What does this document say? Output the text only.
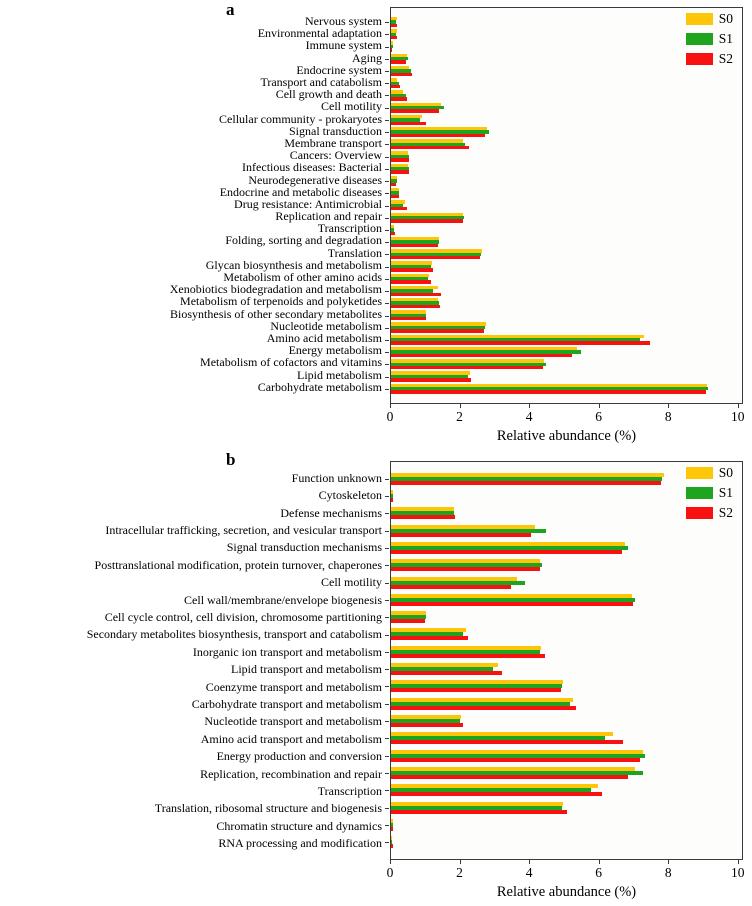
a
Nervous system
Environmental adaptation
Immune system
Aging
Endocrine system
Transport and catabolism
Cell growth and death
Cell motility
Cellular community - prokaryotes
Signal transduction
Membrane transport
Cancers: Overview
Infectious diseases: Bacterial
Neurodegenerative diseases
Endocrine and metabolic diseases
Drug resistance: Antimicrobial
Replication and repair
Transcription
Folding, sorting and degradation
Translation
Glycan biosynthesis and metabolism
Metabolism of other amino acids
Xenobiotics biodegradation and metabolism
Metabolism of terpenoids and polyketides
Biosynthesis of other secondary metabolites
Nucleotide metabolism
Amino acid metabolism
Energy metabolism
Metabolism of cofactors and vitamins
Lipid metabolism
Carbohydrate metabolism
S0
S1
S2
0	2	4	6	8	10
Relative abundance (%)
b
Function unknown
Cytoskeleton
Defense mechanisms
Intracellular trafficking, secretion, and vesicular transport
Signal transduction mechanisms
Posttranslational modification, protein turnover, chaperones
Cell motility
Cell wall/membrane/envelope biogenesis
Cell cycle control, cell division, chromosome partitioning
Secondary metabolites biosynthesis, transport and catabolism
Inorganic ion transport and metabolism
Lipid transport and metabolism
Coenzyme transport and metabolism
Carbohydrate transport and metabolism
Nucleotide transport and metabolism
Amino acid transport and metabolism
Energy production and conversion
Replication, recombination and repair
Transcription
Translation, ribosomal structure and biogenesis
Chromatin structure and dynamics
RNA processing and modification
S0
S1
S2
0	2	4	6	8	10
Relative abundance (%)
